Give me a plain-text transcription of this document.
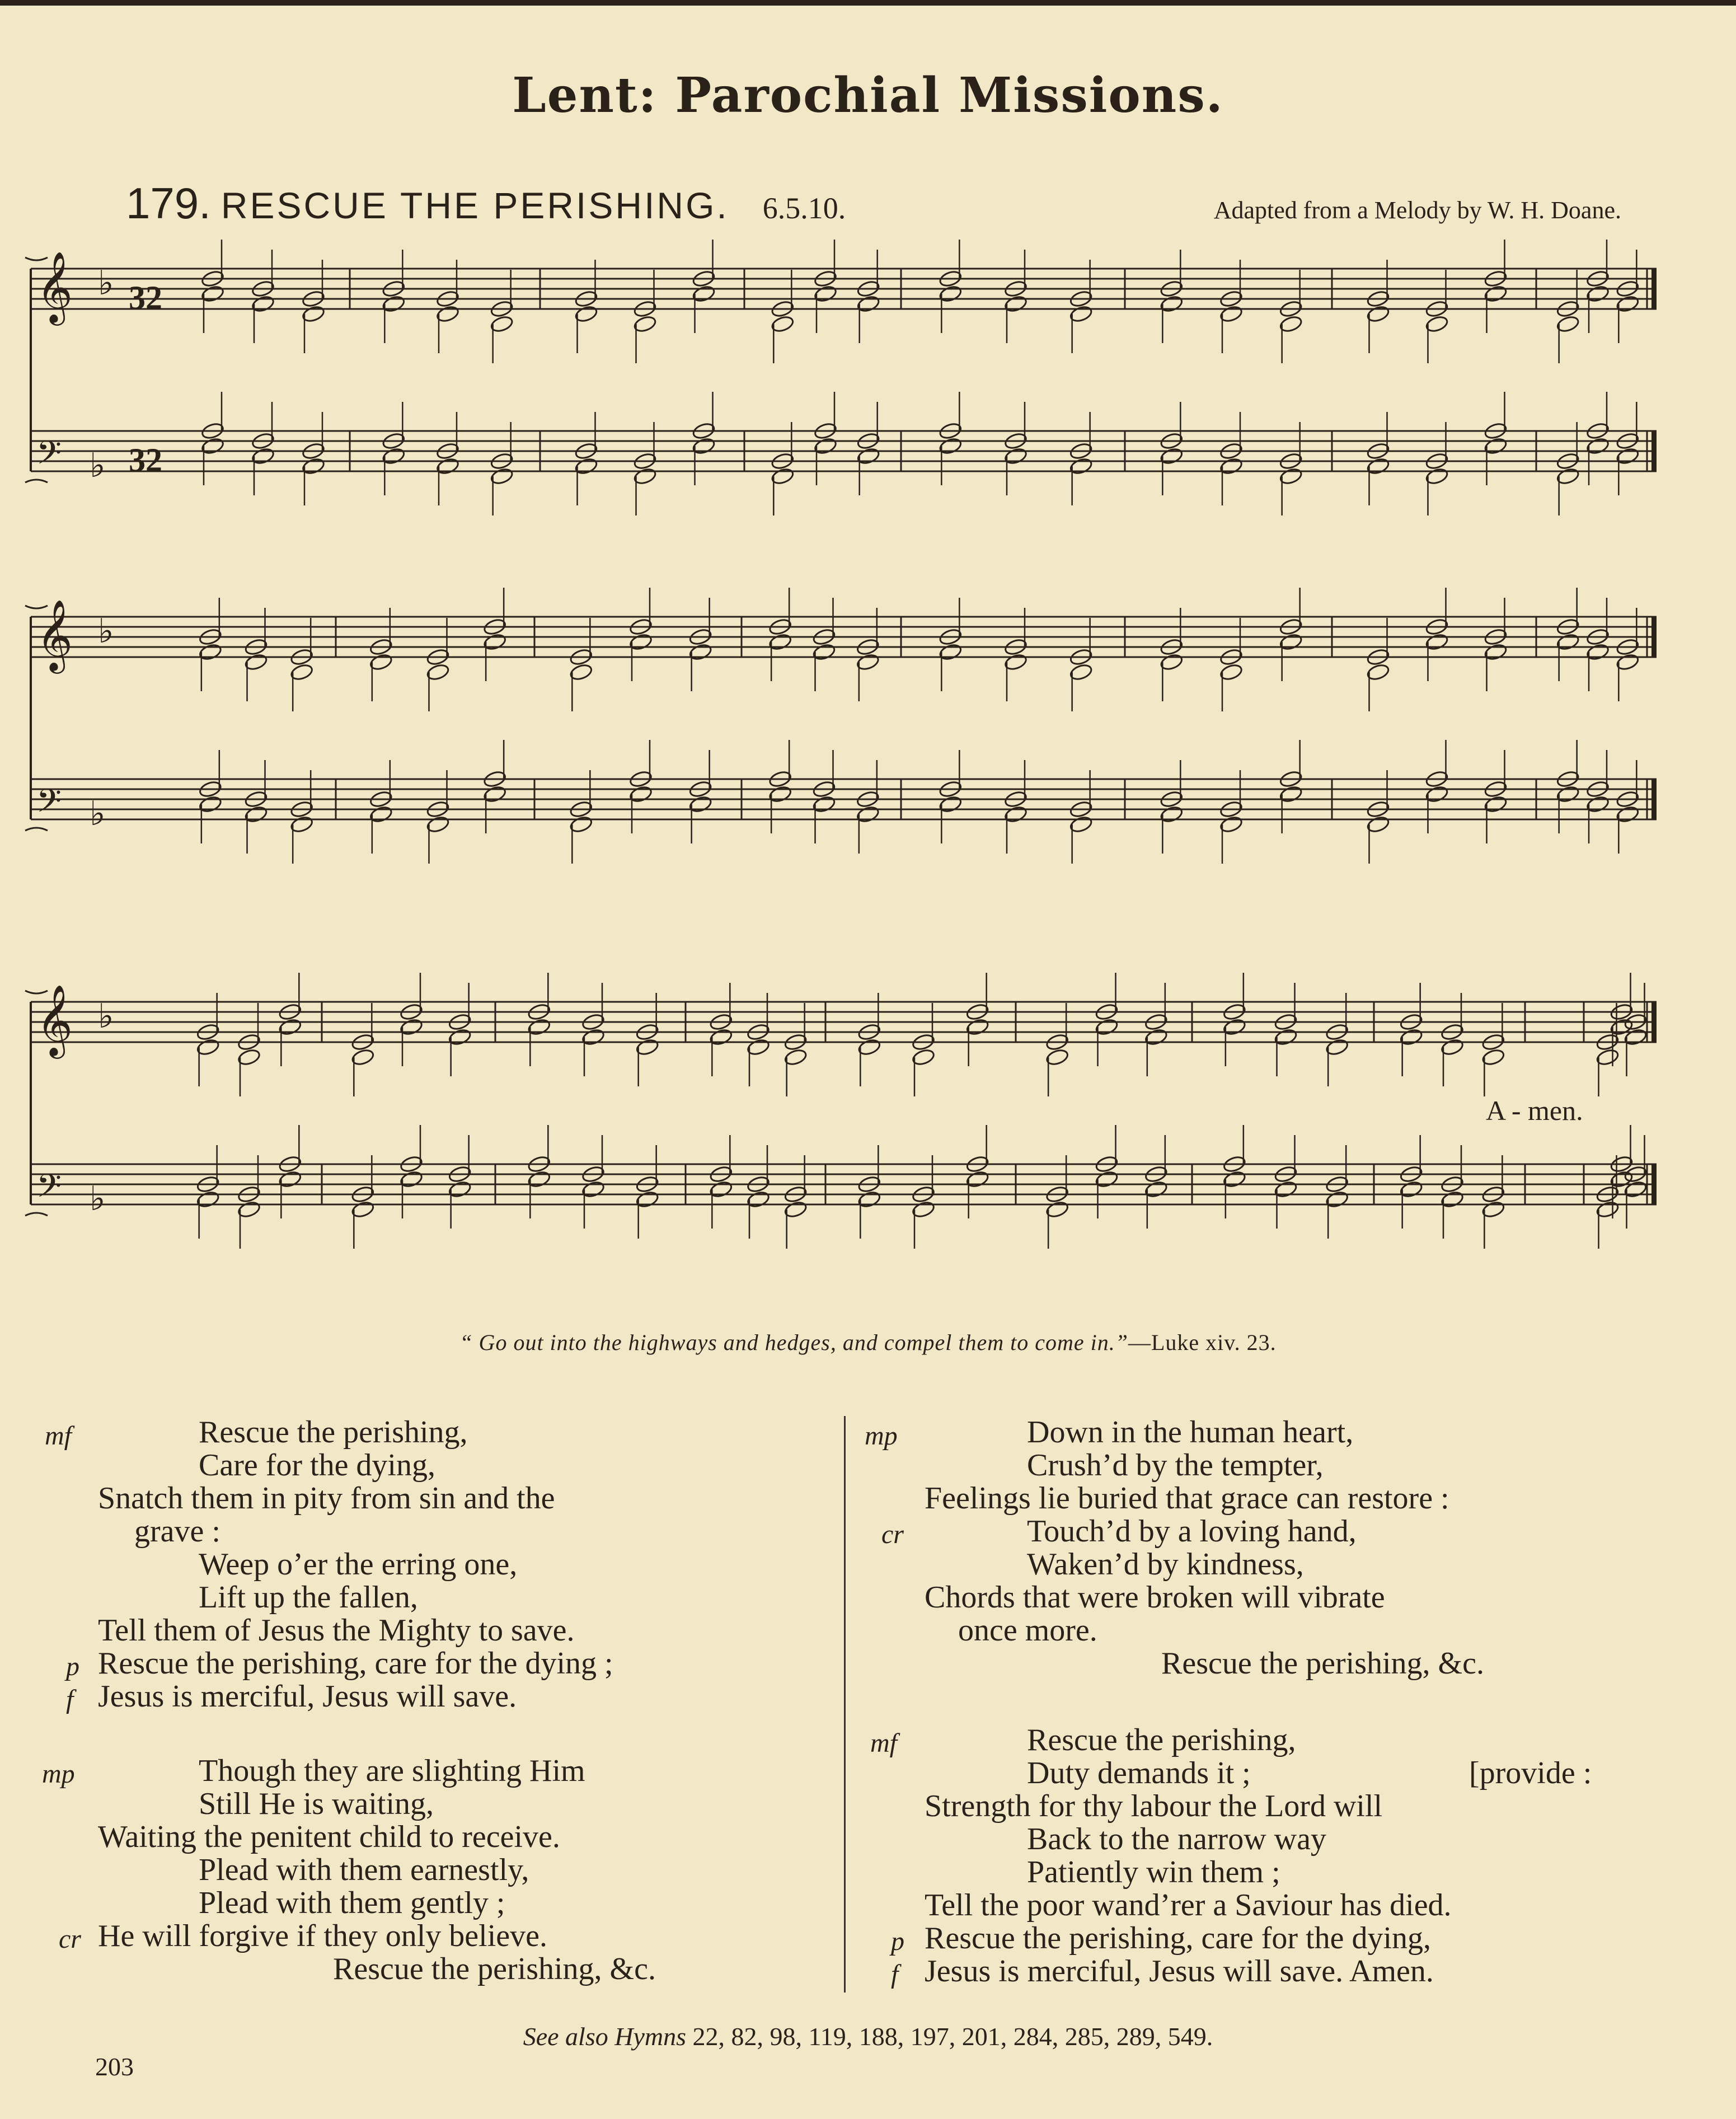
Lent: Parochial Missions.
179. RESCUE THE PERISHING. 6.5.10.	Adapted from a Melody by W. H. Doane.
𝄞 ♭ 32
𝄢 ♭ 32
𝄞 ♭
𝄢 ♭
𝄞 ♭
𝄢 ♭
A - men.
“ Go out into the highways and hedges, and compel them to come in.”—Luke xiv. 23.
mf	Rescue the perishing,
Care for the dying,
Snatch them in pity from sin and the
grave :
Weep o’er the erring one,
Lift up the fallen,
Tell them of Jesus the Mighty to save.
p Rescue the perishing, care for the dying ;
f Jesus is merciful, Jesus will save.
mp	Though they are slighting Him
Still He is waiting,
Waiting the penitent child to receive.
Plead with them earnestly,
Plead with them gently ;
cr He will forgive if they only believe.
Rescue the perishing, &c.
mp	Down in the human heart,
Crush’d by the tempter,
Feelings lie buried that grace can restore :
cr	Touch’d by a loving hand,
Waken’d by kindness,
Chords that were broken will vibrate
once more.
Rescue the perishing, &c.
mf	Rescue the perishing,
Duty demands it ;	[provide :
Strength for thy labour the Lord will
Back to the narrow way
Patiently win them ;
Tell the poor wand’rer a Saviour has died.
p Rescue the perishing, care for the dying,
f Jesus is merciful, Jesus will save. Amen.
See also Hymns 22, 82, 98, 119, 188, 197, 201, 284, 285, 289, 549.
203
